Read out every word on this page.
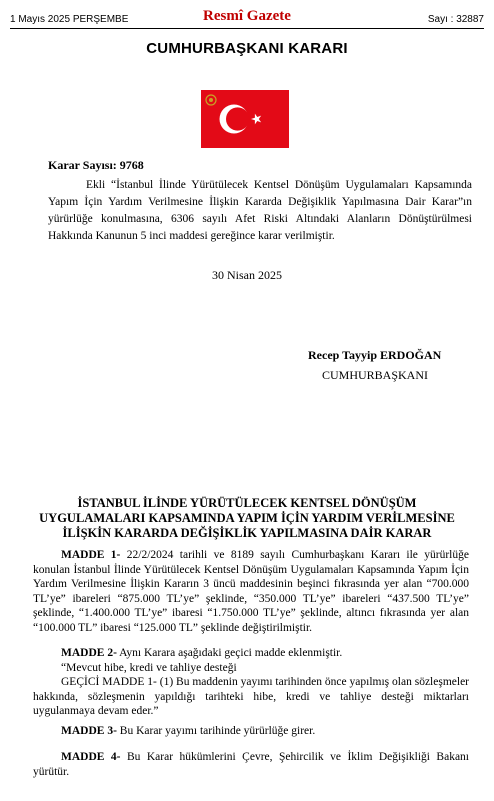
1 Mayıs 2025 PERŞEMBE	Resmî Gazete	Sayı : 32887
CUMHURBAŞKANI KARARI
Karar Sayısı: 9768
Ekli “İstanbul İlinde Yürütülecek Kentsel Dönüşüm Uygulamaları Kapsamında Yapım İçin Yardım Verilmesine İlişkin Kararda Değişiklik Yapılmasına Dair Karar”ın yürürlüğe konulmasına, 6306 sayılı Afet Riski Altındaki Alanların Dönüştürülmesi Hakkında Kanunun 5 inci maddesi gereğince karar verilmiştir.
30 Nisan 2025
Recep Tayyip ERDOĞAN
CUMHURBAŞKANI
İSTANBUL İLİNDE YÜRÜTÜLECEK KENTSEL DÖNÜŞÜM UYGULAMALARI KAPSAMINDA YAPIM İÇİN YARDIM VERİLMESİNE İLİŞKİN KARARDA DEĞİŞİKLİK YAPILMASINA DAİR KARAR

MADDE 1- 22/2/2024 tarihli ve 8189 sayılı Cumhurbaşkanı Kararı ile yürürlüğe konulan İstanbul İlinde Yürütülecek Kentsel Dönüşüm Uygulamaları Kapsamında Yapım İçin Yardım Verilmesine İlişkin Kararın 3 üncü maddesinin beşinci fıkrasında yer alan “700.000 TL’ye” ibareleri “875.000 TL’ye” şeklinde, “350.000 TL’ye” ibareleri “437.500 TL’ye” şeklinde, “1.400.000 TL’ye” ibaresi “1.750.000 TL’ye” şeklinde, altıncı fıkrasında yer alan “100.000 TL” ibaresi “125.000 TL” şeklinde değiştirilmiştir.

MADDE 2- Aynı Karara aşağıdaki geçici madde eklenmiştir.

“Mevcut hibe, kredi ve tahliye desteği

GEÇİCİ MADDE 1- (1) Bu maddenin yayımı tarihinden önce yapılmış olan sözleşmeler hakkında, sözleşmenin yapıldığı tarihteki hibe, kredi ve tahliye desteği miktarları uygulanmaya devam eder.”

MADDE 3- Bu Karar yayımı tarihinde yürürlüğe girer.

MADDE 4- Bu Karar hükümlerini Çevre, Şehircilik ve İklim Değişikliği Bakanı yürütür.
